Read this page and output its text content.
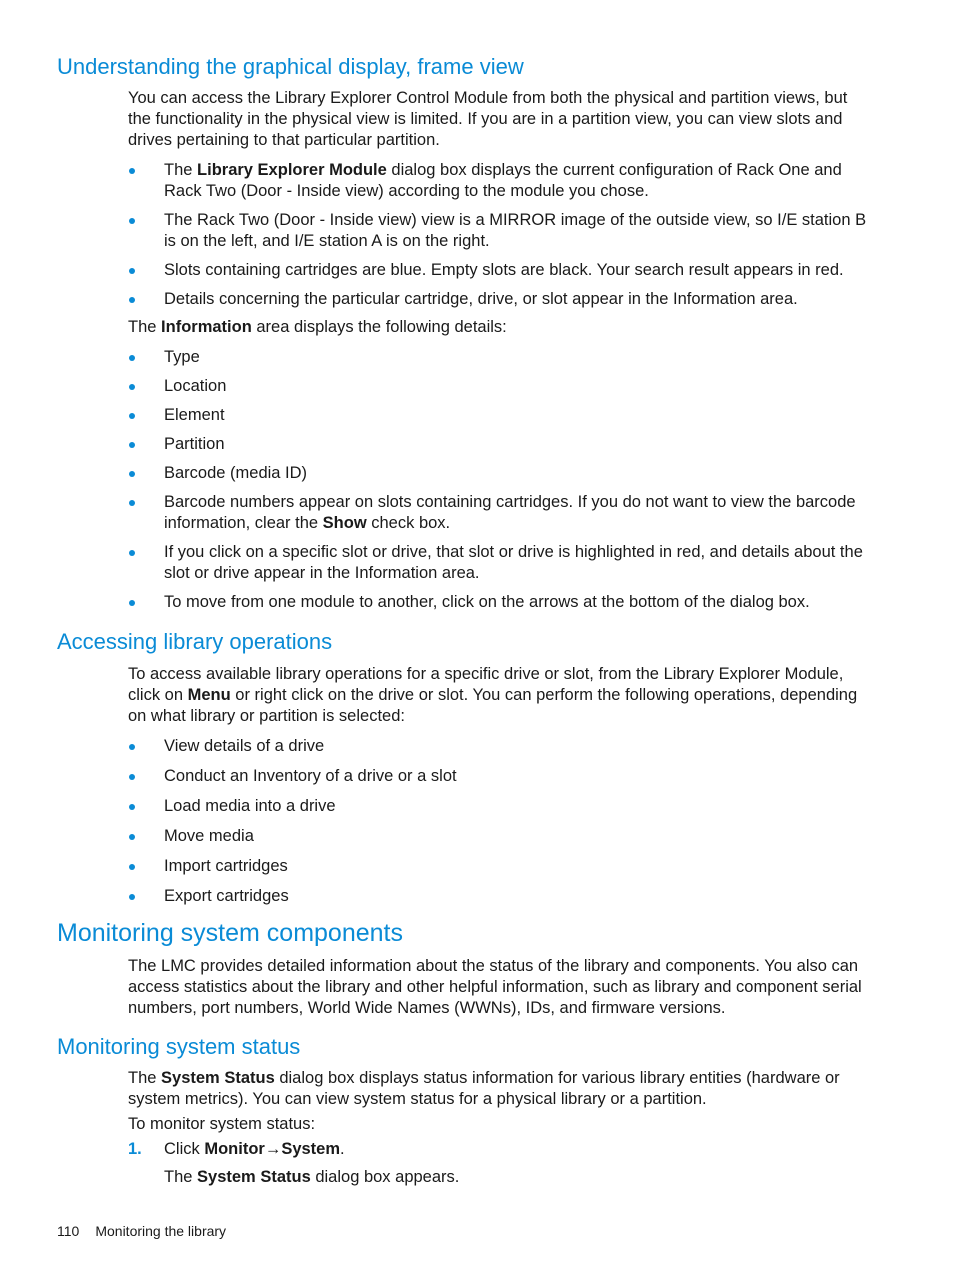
Understanding the graphical display, frame view

You can access the Library Explorer Control Module from both the physical and partition views, but the functionality in the physical view is limited. If you are in a partition view, you can view slots and drives pertaining to that particular partition.

The Library Explorer Module dialog box displays the current configuration of Rack One and Rack Two (Door - Inside view) according to the module you chose.
The Rack Two (Door - Inside view) view is a MIRROR image of the outside view, so I/E station B is on the left, and I/E station A is on the right.
Slots containing cartridges are blue. Empty slots are black. Your search result appears in red.
Details concerning the particular cartridge, drive, or slot appear in the Information area.

The Information area displays the following details:

Type
Location
Element
Partition
Barcode (media ID)
Barcode numbers appear on slots containing cartridges. If you do not want to view the barcode information, clear the Show check box.
If you click on a specific slot or drive, that slot or drive is highlighted in red, and details about the slot or drive appear in the Information area.
To move from one module to another, click on the arrows at the bottom of the dialog box.
Accessing library operations

To access available library operations for a specific drive or slot, from the Library Explorer Module, click on Menu or right click on the drive or slot. You can perform the following operations, depending on what library or partition is selected:

View details of a drive
Conduct an Inventory of a drive or a slot
Load media into a drive
Move media
Import cartridges
Export cartridges
Monitoring system components

The LMC provides detailed information about the status of the library and components. You also can access statistics about the library and other helpful information, such as library and component serial numbers, port numbers, World Wide Names (WWNs), IDs, and firmware versions.

Monitoring system status

The System Status dialog box displays status information for various library entities (hardware or system metrics). You can view system status for a physical library or a partition.

To monitor system status:

1. Click Monitor→System.

The System Status dialog box appears.

110 Monitoring the library
